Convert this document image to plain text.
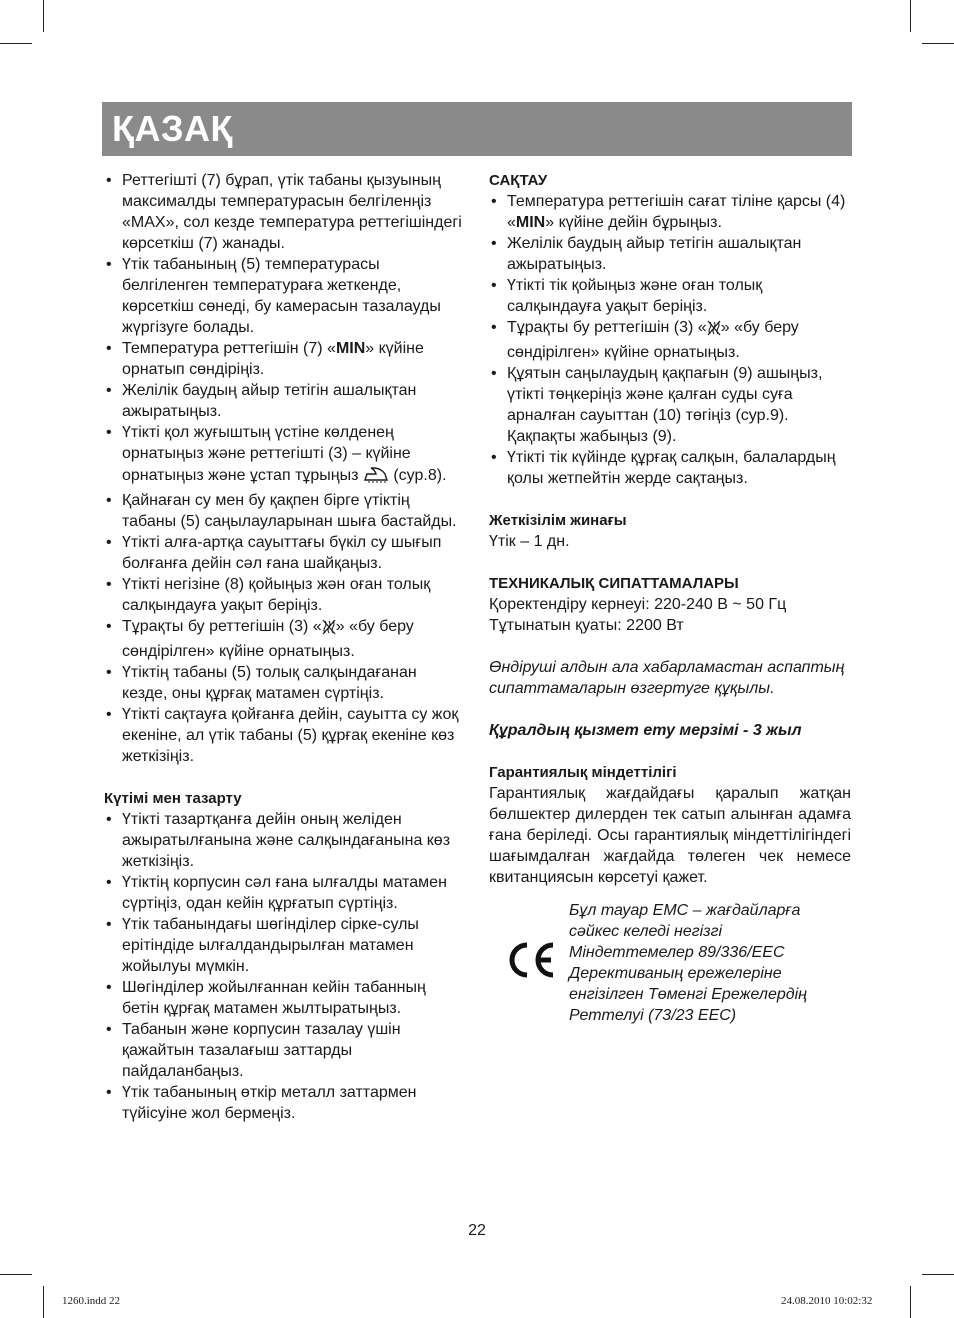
ҚАЗАҚ
• Реттегішті (7) бұрап, үтік табаны қызуының максималды температурасын белгіленңіз «MAX», сол кезде температура реттегішіндегі көрсеткіш (7) жанады.
• Үтік табанының (5) температурасы белгіленген температураға жеткенде, көрсеткіш сөнеді, бу камерасын тазалауды жүргізуге болады.
• Температура реттегішін (7) «MIN» күйіне орнатып сөндіріңіз.
• Желілік баудың айыр тетігін ашалықтан ажыратыңыз.
• Үтікті қол жуғыштың үстіне көлденең орнатыңыз және реттегішті (3) – күйіне орнатыңыз және ұстап тұрыңыз  (сур.8).
• Қайнаған су мен бу қақпен бірге үтіктің табаны (5) саңылауларынан шыға бастайды.
• Үтікті алға-артқа сауыттағы бүкіл су шығып болғанға дейін сәл ғана шайқаңыз.
• Үтікті негізіне (8) қойыңыз жән оған толық салқындауға уақыт беріңіз.
• Тұрақты бу реттегішін (3) « » «бу беру сөндірілген» күйіне орнатыңыз.
• Үтіктің табаны (5) толық салқындағанан кезде, оны құрғақ матамен сүртіңіз.
• Үтікті сақтауға қойғанға дейін, сауытта су жоқ екеніне, ал үтік табаны (5) құрғақ екеніне көз жеткізіңіз.
Күтімі мен тазарту
• Үтікті тазартқанға дейін оның желіден ажыратылғанына және салқындағанына көз жеткізіңіз.
• Үтіктің корпусин сәл ғана ылғалды матамен сүртіңіз, одан кейін құрғатып сүртіңіз.
• Үтік табанындағы шөгінділер сірке-сулы ерітіндіде ылғалдандырылған матамен жойылуы мүмкін.
• Шөгінділер жойылғаннан кейін табанның бетін құрғақ матамен жылтыратыңыз.
• Табанын және корпусин тазалау үшін қажайтын тазалағыш заттарды пайдаланбаңыз.
• Үтік табанының өткір металл заттармен түйісуіне жол бермеңіз.
САҚТАУ
• Температура реттегішін сағат тіліне қарсы (4) «MIN» күйіне дейін бұрыңыз.
• Желілік баудың айыр тетігін ашалықтан ажыратыңыз.
• Үтікті тік қойыңыз және оған толық салқындауға уақыт беріңіз.
• Тұрақты бу реттегішін (3) « » «бу беру сөндірілген» күйіне орнатыңыз.
• Құятын саңылаудың қақпағын (9) ашыңыз, үтікті төңкеріңіз және қалған суды суға арналған сауыттан (10) төгіңіз (сур.9). Қақпақты жабыңыз (9).
• Үтікті тік күйінде құрғақ салқын, балалардың қолы жетпейтін жерде сақтаңыз.
Жеткізілім жинағы
Үтік – 1 дн.
ТЕХНИКАЛЫҚ СИПАТТАМАЛАРЫ
Қоректендіру кернеуі: 220-240 В ~ 50 Гц
Тұтынатын қуаты: 2200 Вт
Өндіруші алдын ала хабарламастан аспаптың сипаттамаларын өзгертуге құқылы.
Құралдың қызмет ету мерзімі - 3 жыл
Гарантиялық міндеттілігі
Гарантиялық жағдайдағы қаралып жатқан бөлшектер дилерден тек сатып алынған адамға ғана беріледі. Осы гарантиялық міндеттілігіндегі шағымдалған жағдайда төлеген чек немесе квитанциясын көрсетуі қажет.
Бұл тауар ЕМС – жағдайларға сәйкес келеді негізгі Міндеттемелер 89/336/ЕЕС Дерективаның ережелеріне енгізілген Төменгі Ережелердің Реттелуі (73/23 ЕЕС)
22
1260.indd 22	24.08.2010 10:02:32
